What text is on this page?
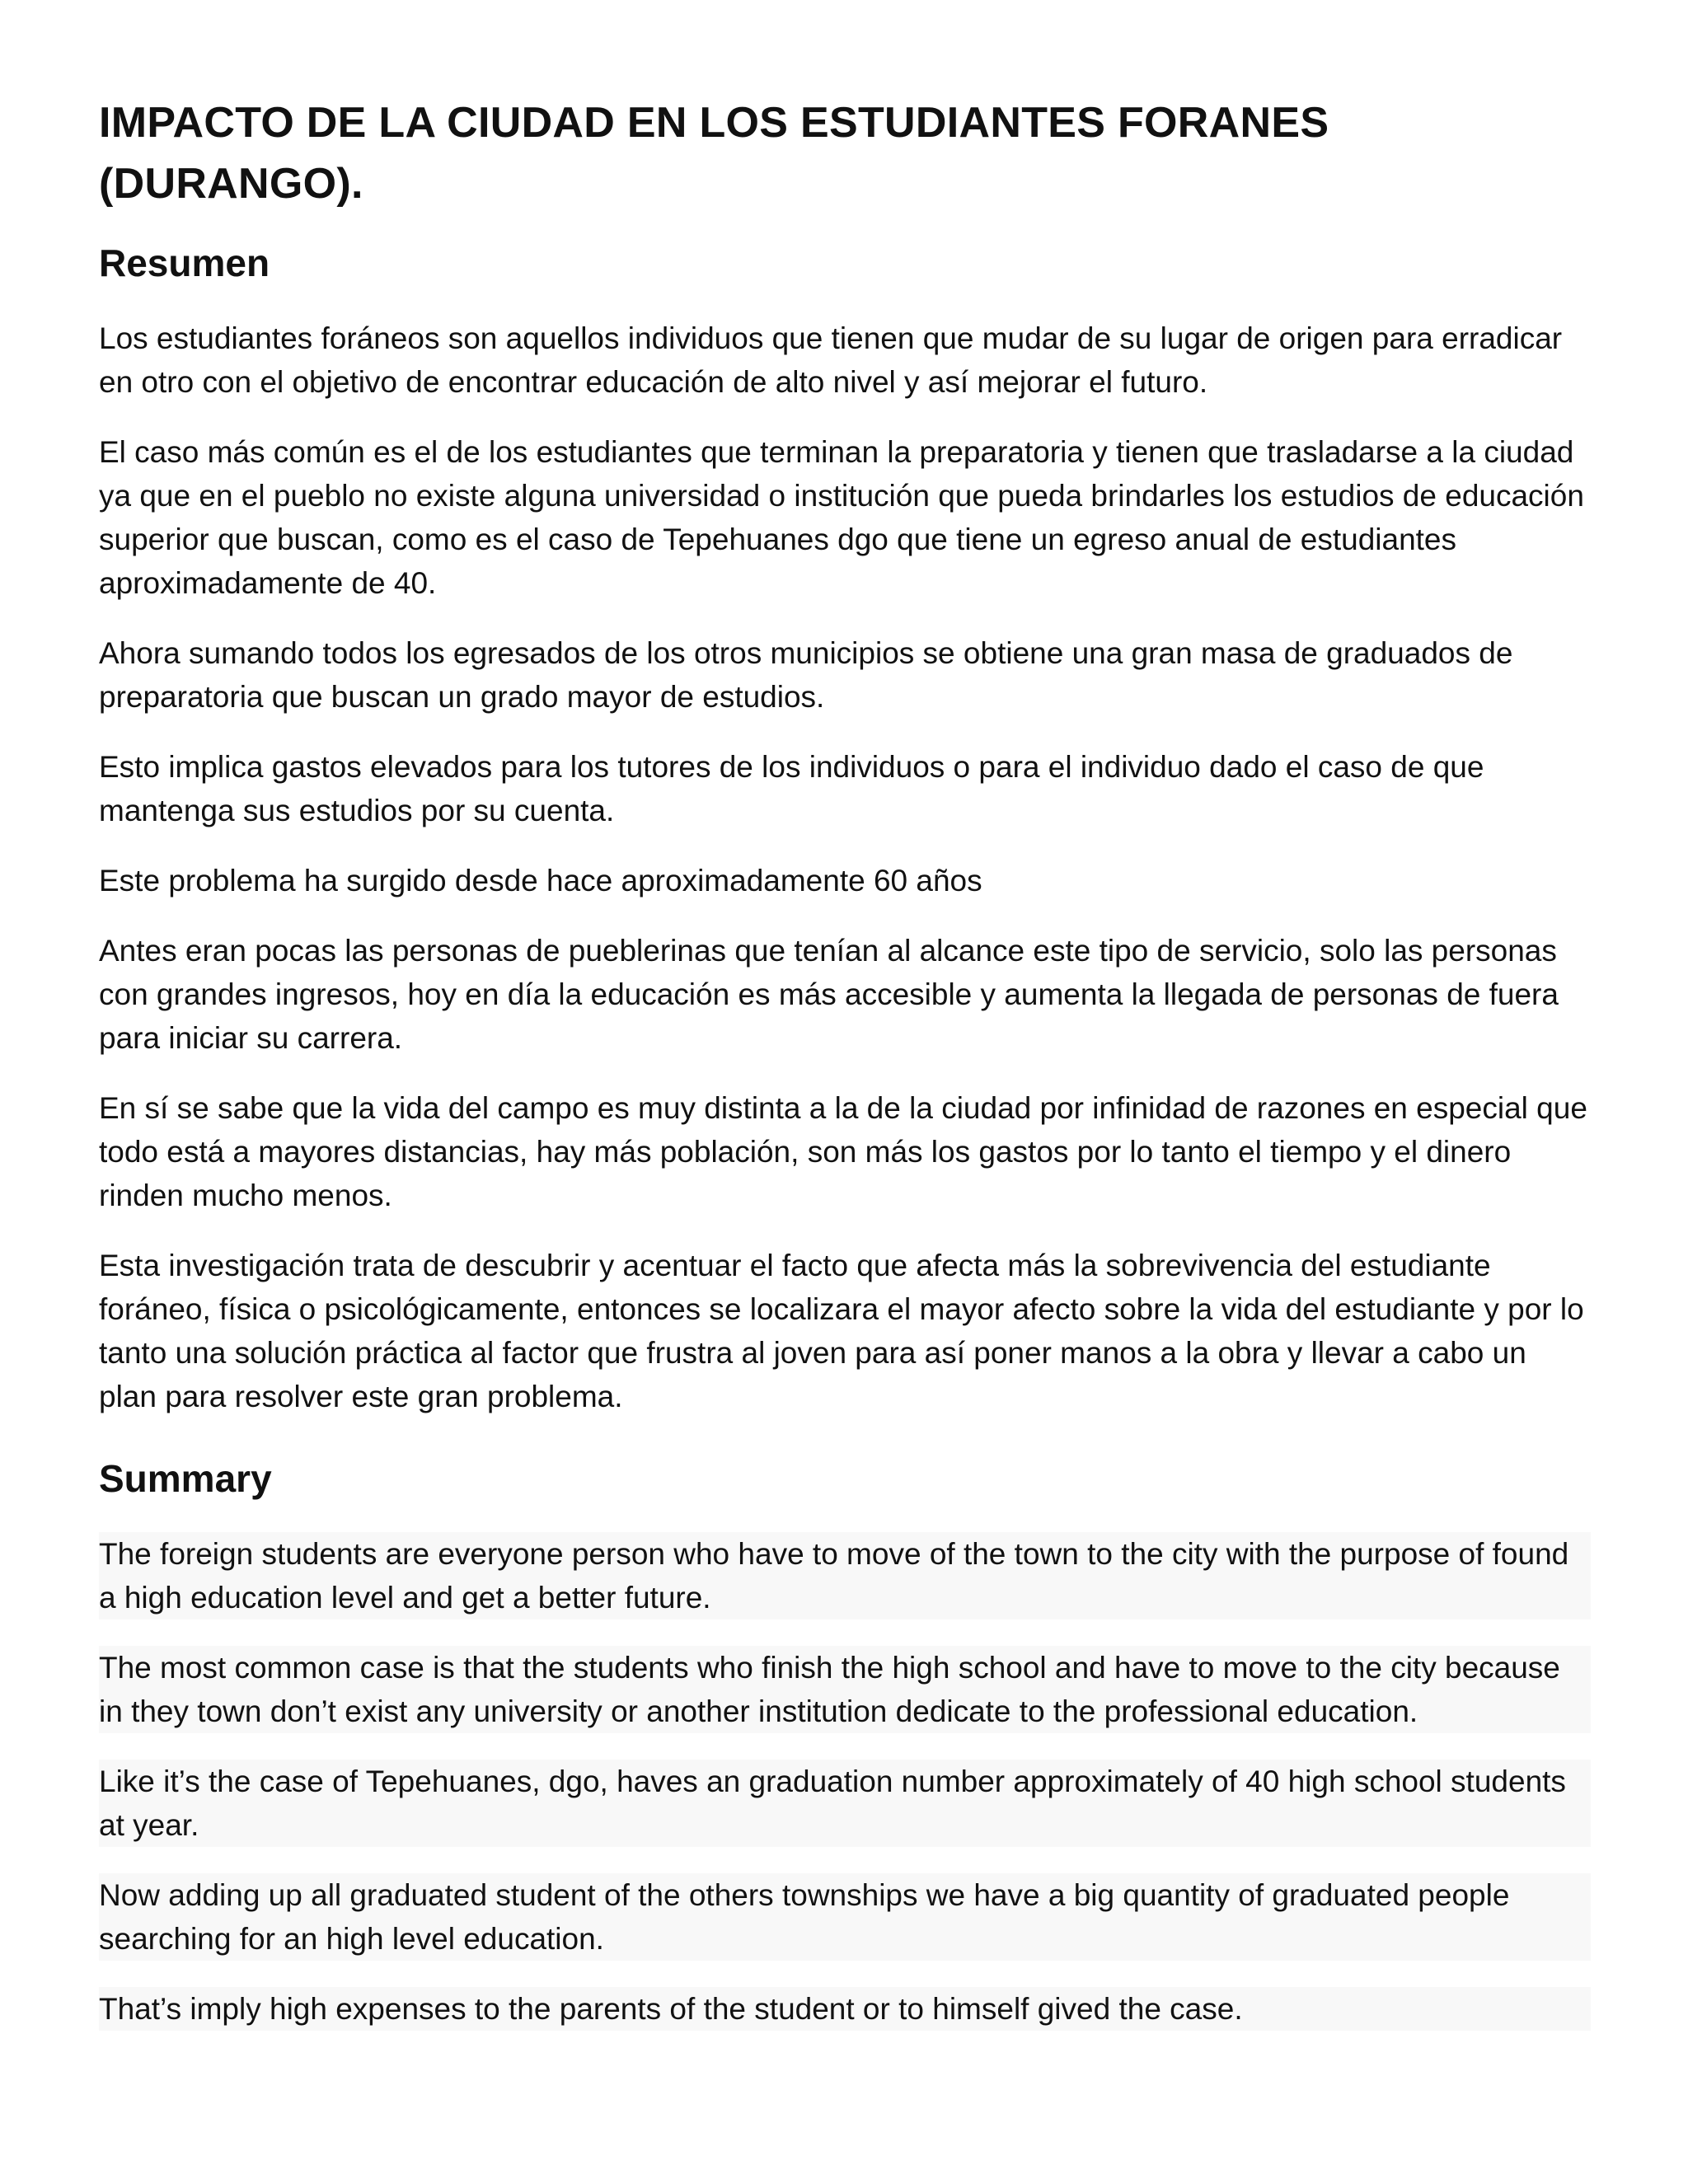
IMPACTO DE LA CIUDAD EN LOS ESTUDIANTES FORANES (DURANGO).
Resumen

Los estudiantes foráneos son aquellos individuos que tienen que mudar de su lugar de origen para erradicar en otro con el objetivo de encontrar educación de alto nivel y así mejorar el futuro.

El caso más común es el de los estudiantes que terminan la preparatoria y tienen que trasladarse a la ciudad ya que en el pueblo no existe alguna universidad o institución que pueda brindarles los estudios de educación superior que buscan, como es el caso de Tepehuanes dgo que tiene un egreso anual de estudiantes aproximadamente de 40.

Ahora sumando todos los egresados de los otros municipios se obtiene una gran masa de graduados de preparatoria que buscan un grado mayor de estudios.

Esto implica gastos elevados para los tutores de los individuos o para el individuo dado el caso de que mantenga sus estudios por su cuenta.

Este problema ha surgido desde hace aproximadamente 60 años

Antes eran pocas las personas de pueblerinas que tenían al alcance este tipo de servicio, solo las personas con grandes ingresos, hoy en día la educación es más accesible y aumenta la llegada de personas de fuera para iniciar su carrera.

En sí se sabe que la vida del campo es muy distinta a la de la ciudad por infinidad de razones en especial que todo está a mayores distancias, hay más población, son más los gastos por lo tanto el tiempo y el dinero rinden mucho menos.

Esta investigación trata de descubrir y acentuar el facto que afecta más la sobrevivencia del estudiante foráneo, física o psicológicamente, entonces se localizara el mayor afecto sobre la vida del estudiante y por lo tanto una solución práctica al factor que frustra al joven para así poner manos a la obra y llevar a cabo un plan para resolver este gran problema.

Summary

The foreign students are everyone person who have to move of the town to the city with the purpose of found a high education level and get a better future.

The most common case is that the students who finish the high school and have to move to the city because in they town don’t exist any university or another institution dedicate to the professional education.

Like it’s the case of Tepehuanes, dgo, haves an graduation number approximately of 40 high school students at year.

Now adding up all graduated student of the others townships we have a big quantity of graduated people searching for an high level education.

That’s imply high expenses to the parents of the student or to himself gived the case.
